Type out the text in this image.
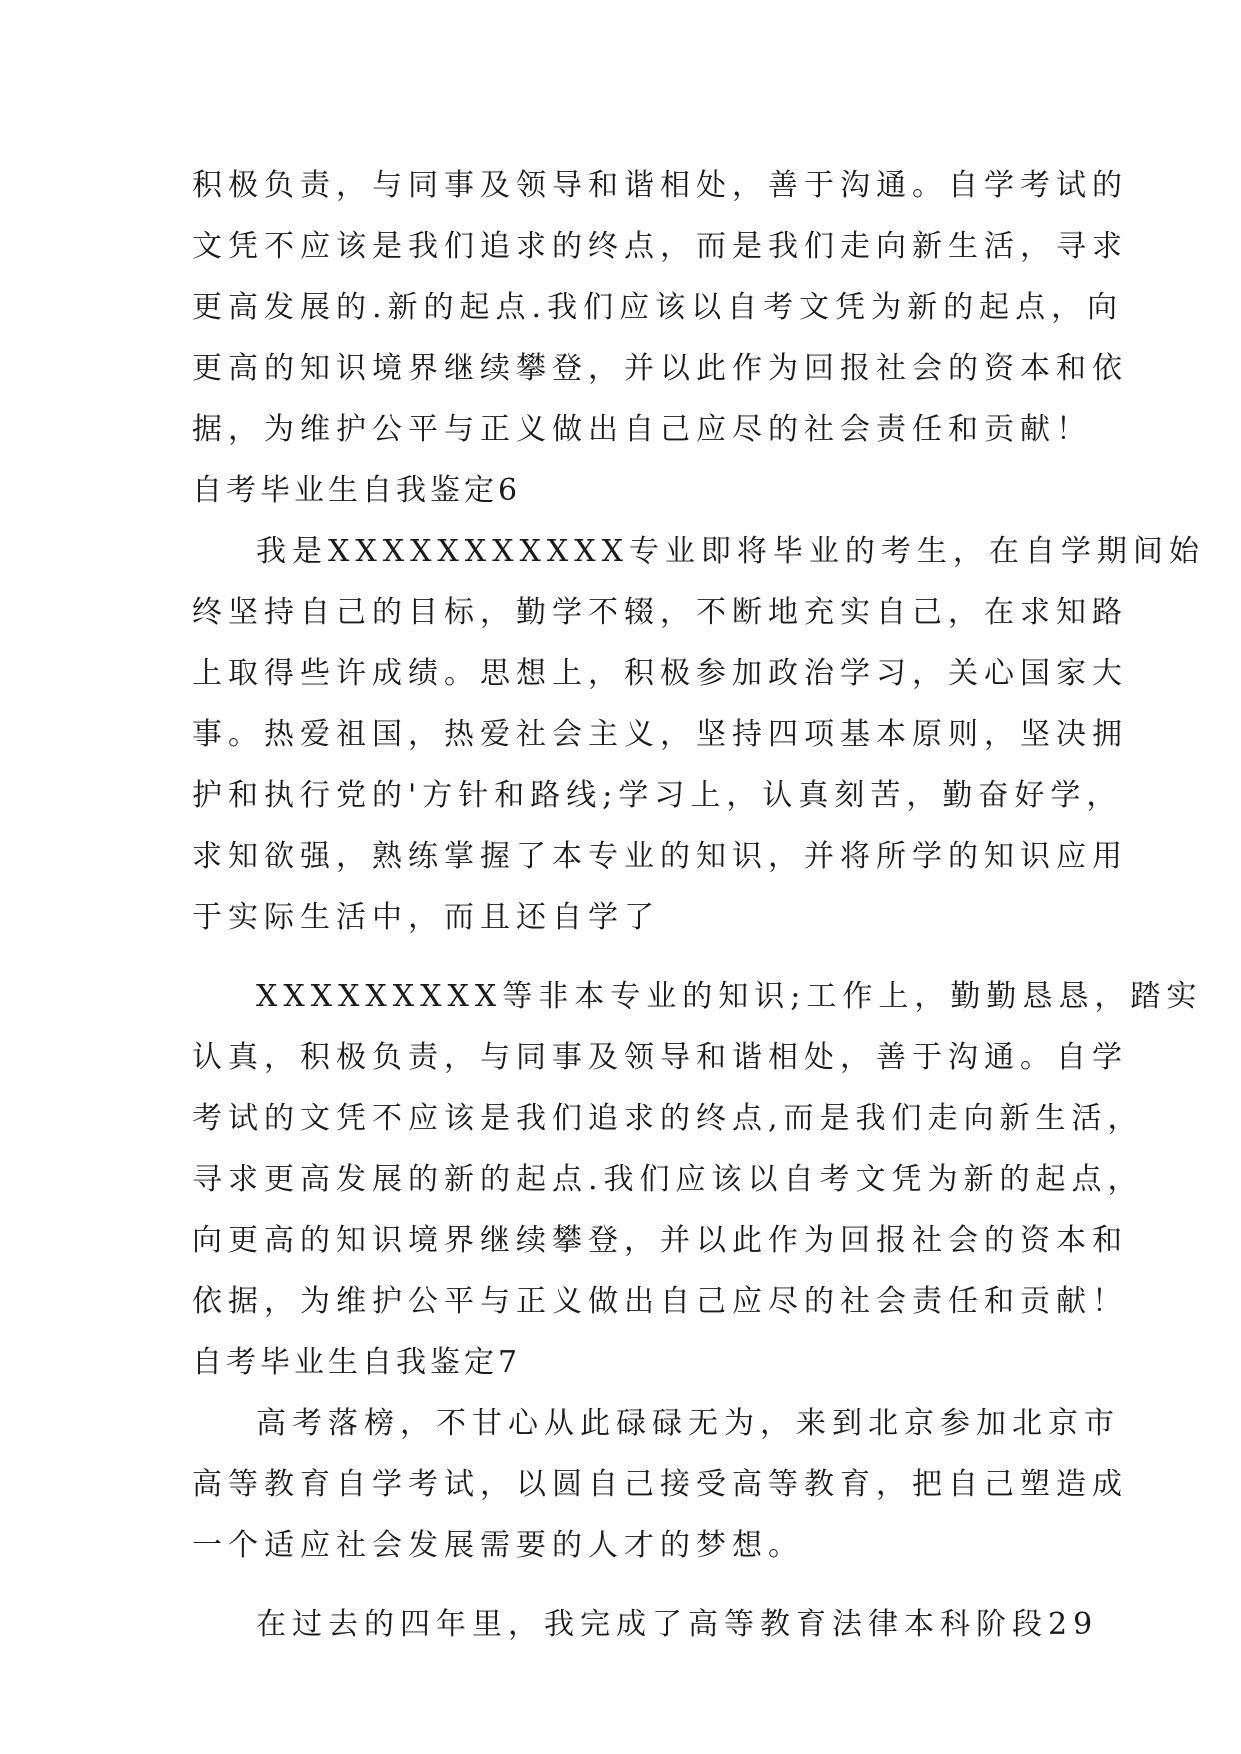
积极负责，与同事及领导和谐相处，善于沟通。自学考试的
文凭不应该是我们追求的终点，而是我们走向新生活，寻求
更高发展的.新的起点.我们应该以自考文凭为新的起点，向
更高的知识境界继续攀登，并以此作为回报社会的资本和依
据，为维护公平与正义做出自己应尽的社会责任和贡献！
自考毕业生自我鉴定6
我是XXXXXXXXXXX专业即将毕业的考生，在自学期间始
终坚持自己的目标，勤学不辍，不断地充实自己，在求知路
上取得些许成绩。思想上，积极参加政治学习，关心国家大
事。热爱祖国，热爱社会主义，坚持四项基本原则，坚决拥
护和执行党的'方针和路线;学习上，认真刻苦，勤奋好学，
求知欲强，熟练掌握了本专业的知识，并将所学的知识应用
于实际生活中，而且还自学了
XXXXXXXXX等非本专业的知识;工作上，勤勤恳恳，踏实
认真，积极负责，与同事及领导和谐相处，善于沟通。自学
考试的文凭不应该是我们追求的终点,而是我们走向新生活，
寻求更高发展的新的起点.我们应该以自考文凭为新的起点，
向更高的知识境界继续攀登，并以此作为回报社会的资本和
依据，为维护公平与正义做出自己应尽的社会责任和贡献！
自考毕业生自我鉴定7
高考落榜，不甘心从此碌碌无为，来到北京参加北京市
高等教育自学考试，以圆自己接受高等教育，把自己塑造成
一个适应社会发展需要的人才的梦想。
在过去的四年里，我完成了高等教育法律本科阶段29
